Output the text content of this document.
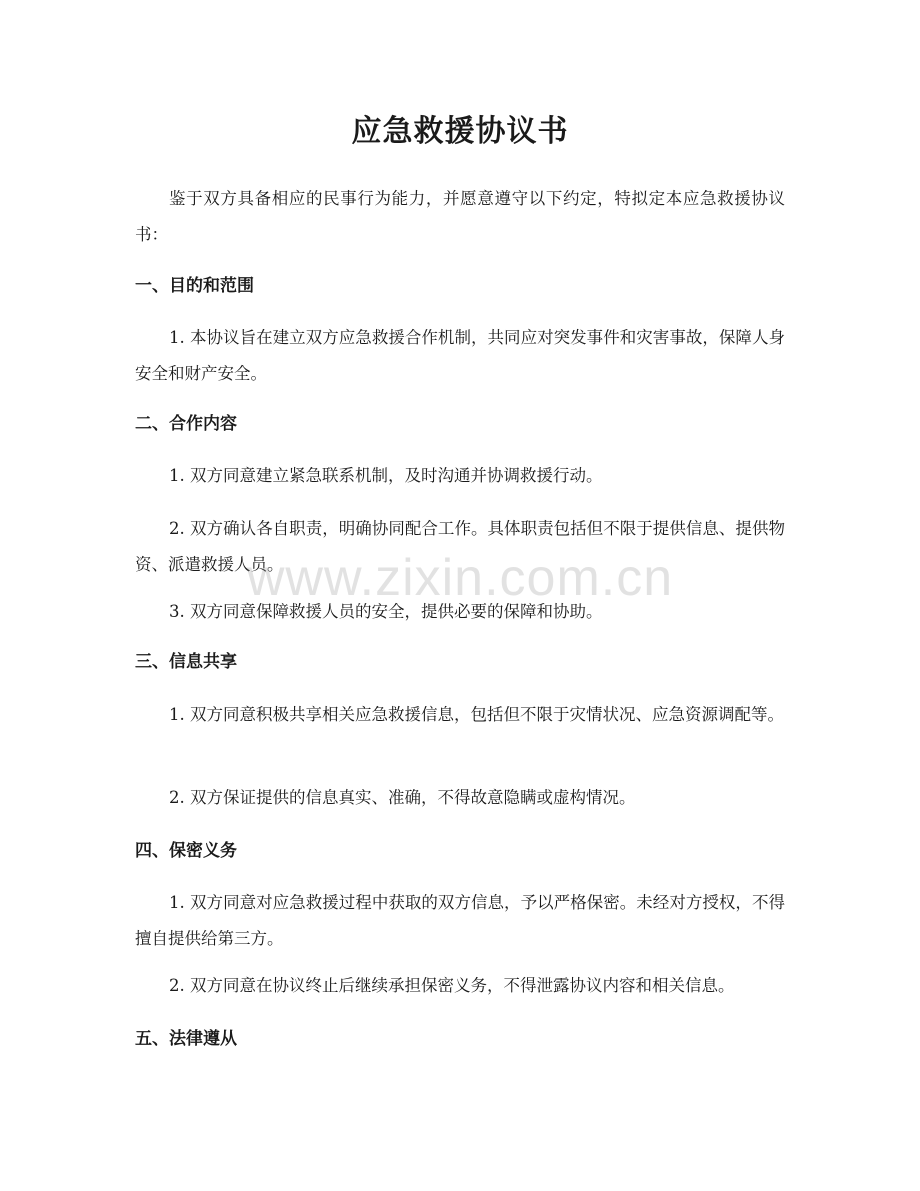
应急救援协议书

鉴于双方具备相应的民事行为能力，并愿意遵守以下约定，特拟定本应急救援协议书：

一、目的和范围

1. 本协议旨在建立双方应急救援合作机制，共同应对突发事件和灾害事故，保障人身安全和财产安全。

二、合作内容

1. 双方同意建立紧急联系机制，及时沟通并协调救援行动。

2. 双方确认各自职责，明确协同配合工作。具体职责包括但不限于提供信息、提供物资、派遣救援人员。

3. 双方同意保障救援人员的安全，提供必要的保障和协助。

三、信息共享

1. 双方同意积极共享相关应急救援信息，包括但不限于灾情状况、应急资源调配等。

2. 双方保证提供的信息真实、准确，不得故意隐瞒或虚构情况。

四、保密义务

1. 双方同意对应急救援过程中获取的双方信息，予以严格保密。未经对方授权，不得擅自提供给第三方。

2. 双方同意在协议终止后继续承担保密义务，不得泄露协议内容和相关信息。

五、法律遵从
www.zixin.com.cn
